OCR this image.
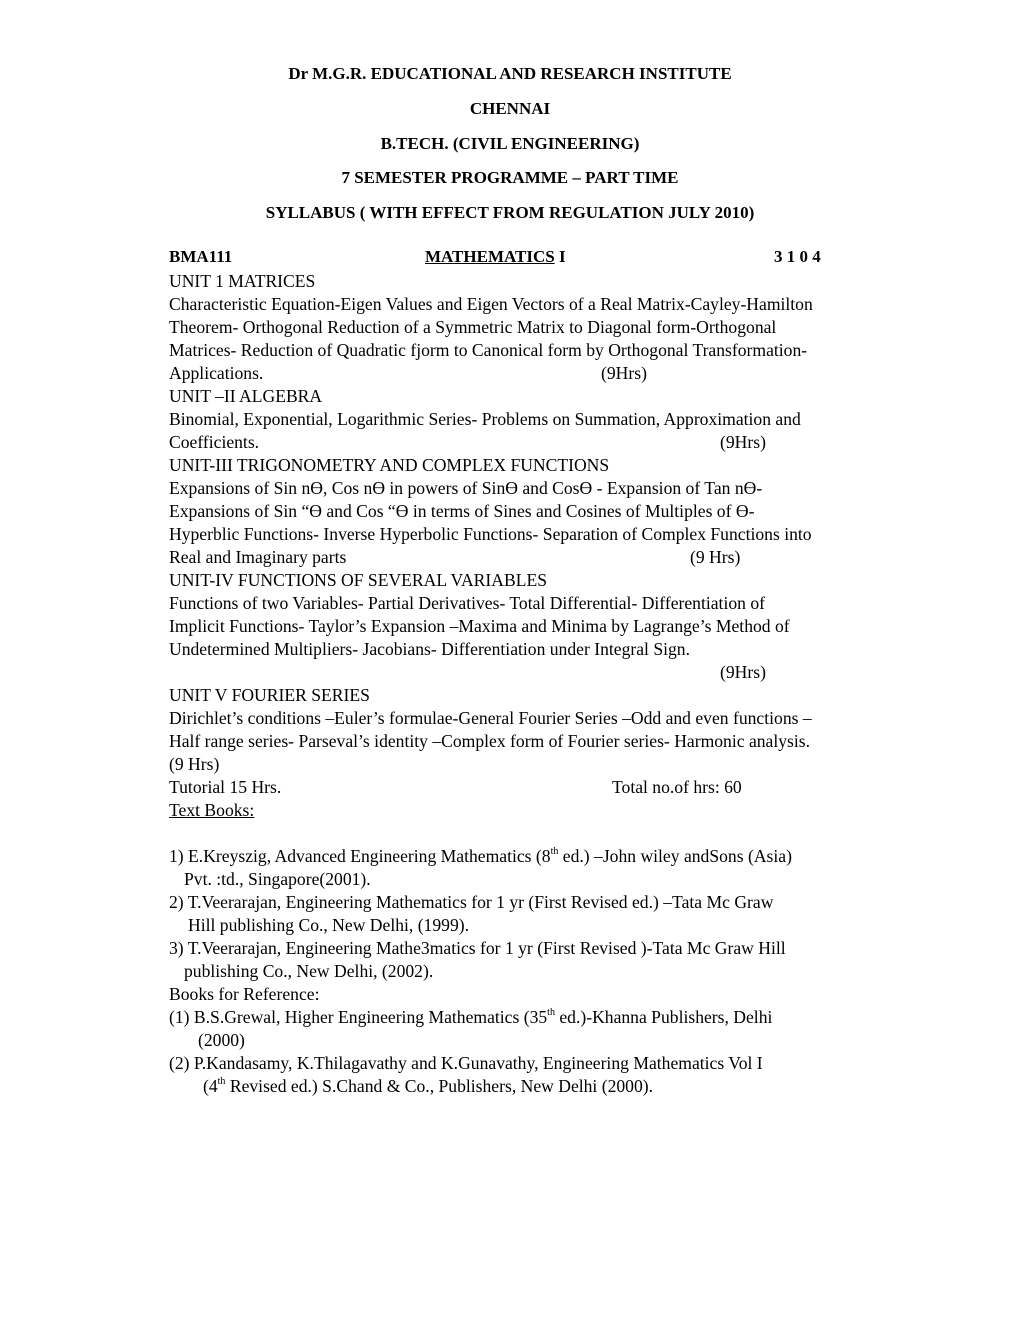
Dr M.G.R. EDUCATIONAL AND RESEARCH INSTITUTE
CHENNAI
B.TECH. (CIVIL ENGINEERING)
7 SEMESTER PROGRAMME – PART TIME
SYLLABUS ( WITH EFFECT FROM REGULATION JULY 2010)
BMA111	MATHEMATICS I	3 1 0 4
UNIT 1 MATRICES
Characteristic Equation-Eigen Values and Eigen Vectors of a Real Matrix-Cayley-Hamilton
Theorem- Orthogonal Reduction of a Symmetric Matrix to Diagonal form-Orthogonal
Matrices- Reduction of Quadratic fjorm to Canonical form by Orthogonal Transformation-
Applications.	(9Hrs)
UNIT –II ALGEBRA
Binomial, Exponential, Logarithmic Series- Problems on Summation, Approximation and
Coefficients.	(9Hrs)
UNIT-III TRIGONOMETRY AND COMPLEX FUNCTIONS
Expansions of Sin nϴ, Cos nϴ in powers of Sinϴ and Cosϴ - Expansion of Tan nϴ-
Expansions of Sin “ϴ and Cos “ϴ in terms of Sines and Cosines of Multiples of ϴ-
Hyperblic Functions- Inverse Hyperbolic Functions- Separation of Complex Functions into
Real and Imaginary parts	(9 Hrs)
UNIT-IV FUNCTIONS OF SEVERAL VARIABLES
Functions of two Variables- Partial Derivatives- Total Differential- Differentiation of
Implicit Functions- Taylor’s Expansion –Maxima and Minima by Lagrange’s Method of
Undetermined Multipliers- Jacobians- Differentiation under Integral Sign.
(9Hrs)
UNIT V FOURIER SERIES
Dirichlet’s conditions –Euler’s formulae-General Fourier Series –Odd and even functions –
Half range series- Parseval’s identity –Complex form of Fourier series- Harmonic analysis.
(9 Hrs)
Tutorial 15 Hrs.	Total no.of hrs: 60
Text Books:
1) E.Kreyszig, Advanced Engineering Mathematics (8th ed.) –John wiley andSons (Asia)
Pvt. :td., Singapore(2001).
2) T.Veerarajan, Engineering Mathematics for 1 yr (First Revised ed.) –Tata Mc Graw
Hill publishing Co., New Delhi, (1999).
3) T.Veerarajan, Engineering Mathe3matics for 1 yr (First Revised )-Tata Mc Graw Hill
publishing Co., New Delhi, (2002).
Books for Reference:
(1) B.S.Grewal, Higher Engineering Mathematics (35th ed.)-Khanna Publishers, Delhi
(2000)
(2) P.Kandasamy, K.Thilagavathy and K.Gunavathy, Engineering Mathematics Vol I
(4th Revised ed.) S.Chand & Co., Publishers, New Delhi (2000).
